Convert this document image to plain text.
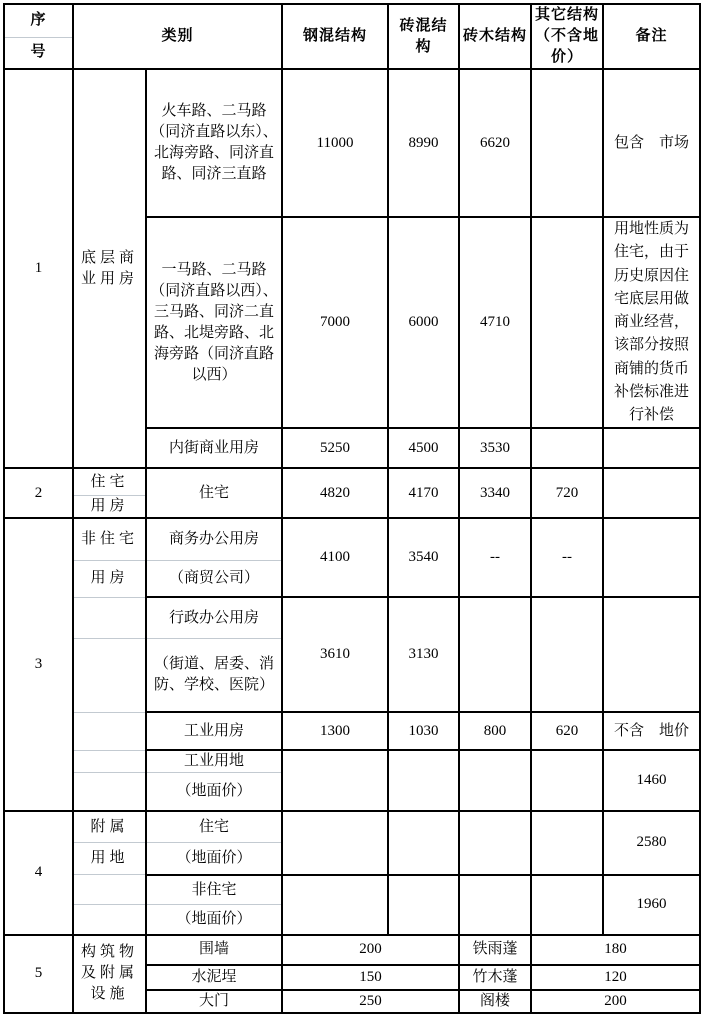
序	类别		钢混结构	砖混结构	砖木结构	其它结构（不含地价）	备注
号							
1	底层商业用房	火车路、二马路（同济直路以东）、北海旁路、同济直路、同济三直路	11000	8990	6620		包含　市场
		一马路、二马路（同济直路以西）、三马路、同济二直路、北堤旁路、北海旁路（同济直路以西）	7000	6000	4710		用地性质为住宅，由于历史原因住宅底层用做商业经营，该部分按照商铺的货币补偿标准进行补偿
		内街商业用房	5250	4500	3530		
2	住宅	住宅	4820	4170	3340	720	
	用房						
3	非住宅	商务办公用房	4100	3540	--	--	
	用房	（商贸公司）					
		行政办公用房	3610	3130			
		（街道、居委、消防、学校、医院）					
		工业用房	1300	1030	800	620	不含　地价
		工业用地					1460
		（地面价）					
4	附属	住宅					2580
	用地	（地面价）					
		非住宅					1960
		（地面价）					
5	构筑物及附属设施	围墙	200		铁雨蓬	180	
		水泥埕	150		竹木蓬	120	
		大门	250		阁楼	200	
